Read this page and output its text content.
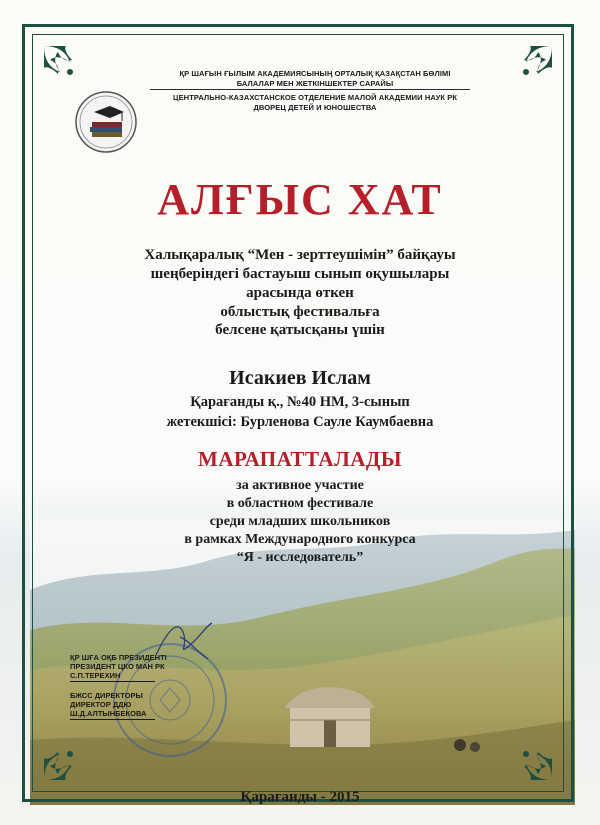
ҚР ШАҒЫН ҒЫЛЫМ АКАДЕМИЯСЫНЫҢ ОРТАЛЫҚ ҚАЗАҚСТАН БӨЛІМІ
БАЛАЛАР МЕН ЖЕТКІНШЕКТЕР САРАЙЫ
ЦЕНТРАЛЬНО-КАЗАХСТАНСКОЕ ОТДЕЛЕНИЕ МАЛОЙ АКАДЕМИИ НАУК РК
ДВОРЕЦ ДЕТЕЙ И ЮНОШЕСТВА
АЛҒЫС ХАТ
Халықаралық “Мен - зерттеушімін” байқауы
шеңберіндегі бастауыш сынып оқушылары
арасында өткен
облыстық фестивальға
белсене қатысқаны үшін
Исакиев Ислам
Қарағанды қ., №40 НМ, 3-сынып
жетекшісі: Бурленова Сауле Каумбаевна
МАРАПАТТАЛАДЫ
за активное участие
в областном фестивале
среди младших школьников
в рамках Международного конкурса
“Я - исследователь”
ҚР ШҒА ОҚБ ПРЕЗИДЕНТІ
ПРЕЗИДЕНТ ЦКО МАН РК
С.П.ТЕРЕХИН
БЖСС ДИРЕКТОРЫ
ДИРЕКТОР ДДЮ
Ш.Д.АЛТЫНБЕКОВА
Қарағанды - 2015
